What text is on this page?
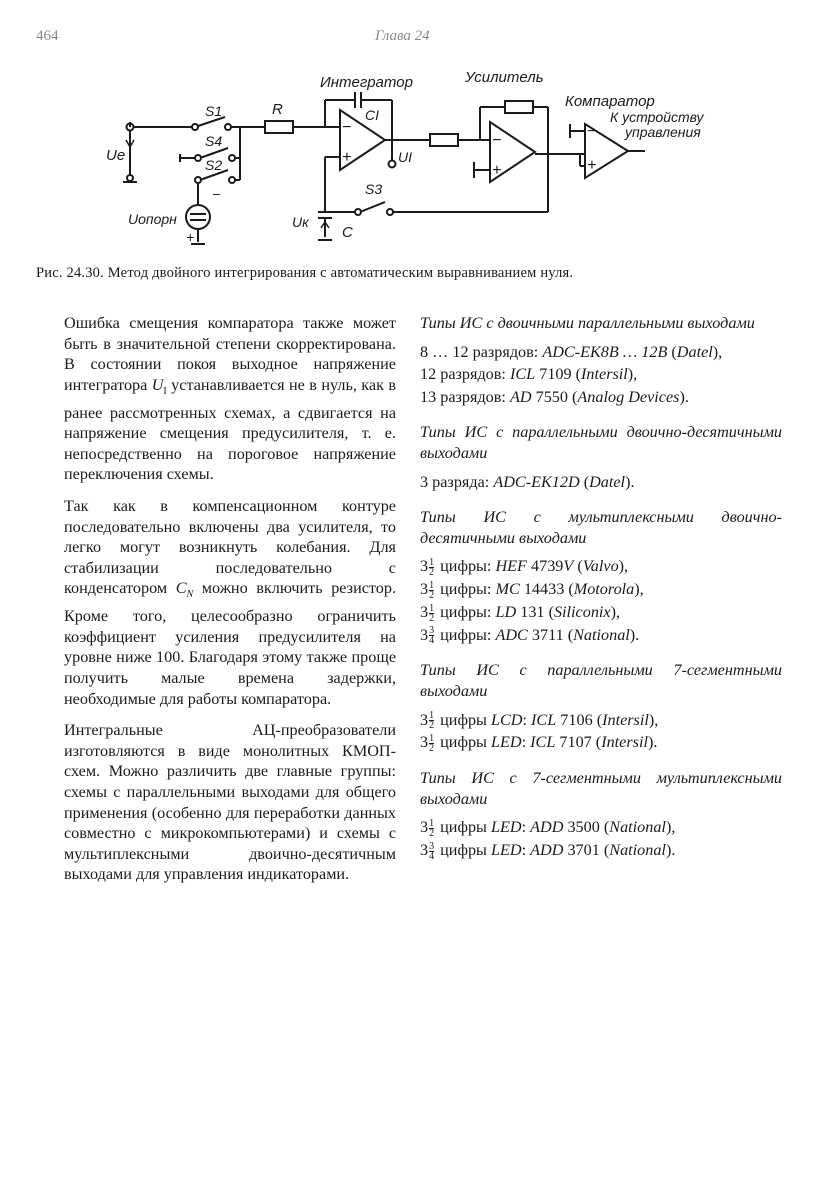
464	Глава 24
Интегратор	Усилитель
Компаратор
К устройству
управления
S1
S4
S2
S3
R	CI
C
Ue	UI
Uк
Uопорн
−
+
−
+
−
+
−
+
Рис. 24.30. Метод двойного интегрирования с автоматическим выравниванием нуля.

Ошибка смещения компаратора также может быть в значительной степени скорректирована. В состоянии покоя выходное напряжение интегратора $U_I$ устанавливается не в нуль, как в ранее рассмотренных схемах, а сдвигается на напряжение смещения предусилителя, т. е. непосредственно на пороговое напряжение переключения схемы.

Так как в компенсационном контуре последовательно включены два усилителя, то легко могут возникнуть колебания. Для стабилизации последовательно с конденсатором $C_N$ можно включить резистор. Кроме того, целесообразно ограничить коэффициент усиления предусилителя на уровне ниже 100. Благодаря этому также проще получить малые времена задержки, необходимые для работы компаратора.

Интегральные АЦ-преобразователи изготовляются в виде монолитных КМОП-схем. Можно различить две главные группы: схемы с параллельными выходами для общего применения (особенно для переработки данных совместно с микрокомпьютерами) и схемы с мультиплексными двоично-десятичным выходами для управления индикаторами.

Типы ИС с двоичными параллельными выходами

8 … 12 разрядов: ADC-EK8B … 12B (Datel),

12 разрядов: ICL 7109 (Intersil),

13 разрядов: AD 7550 (Analog Devices).

Типы ИС с параллельными двоично-десятичными выходами

3 разряда: ADC-EK12D (Datel).

Типы ИС с мультиплексными двоично-десятичными выходами

$3 \frac{1}{2}$ цифры: HEF 4739V (Valvo),

$3 \frac{1}{2}$ цифры: MC 14433 (Motorola),

$3 \frac{1}{2}$ цифры: LD 131 (Siliconix),

$3 \frac{3}{4}$ цифры: ADC 3711 (National).

Типы ИС с параллельными 7-сегментными выходами

$3 \frac{1}{2}$ цифры LCD: ICL 7106 (Intersil),

$3 \frac{1}{2}$ цифры LED: ICL 7107 (Intersil).

Типы ИС с 7-сегментными мультиплексными выходами

$3 \frac{1}{2}$ цифры LED: ADD 3500 (National),

$3 \frac{3}{4}$ цифры LED: ADD 3701 (National).
